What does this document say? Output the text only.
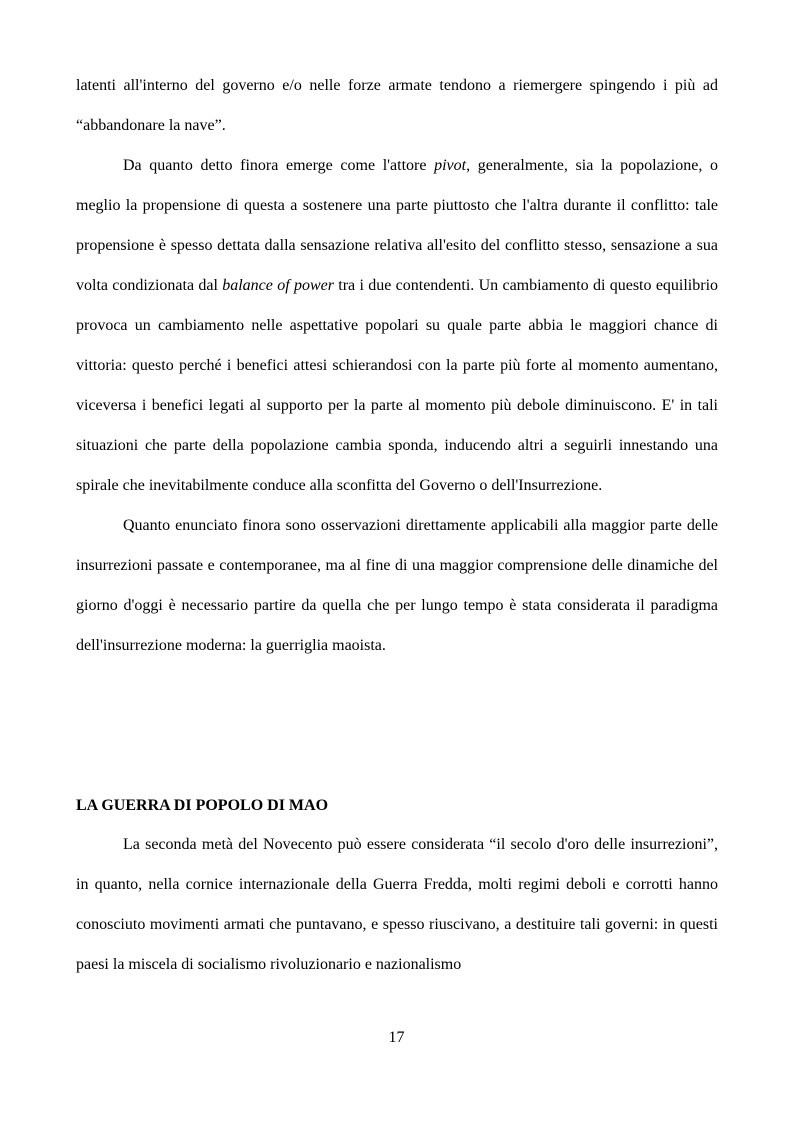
latenti all'interno del governo e/o nelle forze armate tendono a riemergere spingendo i più ad “abbandonare la nave”.

Da quanto detto finora emerge come l'attore pivot, generalmente, sia la popolazione, o meglio la propensione di questa a sostenere una parte piuttosto che l'altra durante il conflitto: tale propensione è spesso dettata dalla sensazione relativa all'esito del conflitto stesso, sensazione a sua volta condizionata dal balance of power tra i due contendenti. Un cambiamento di questo equilibrio provoca un cambiamento nelle aspettative popolari su quale parte abbia le maggiori chance di vittoria: questo perché i benefici attesi schierandosi con la parte più forte al momento aumentano, viceversa i benefici legati al supporto per la parte al momento più debole diminuiscono. E' in tali situazioni che parte della popolazione cambia sponda, inducendo altri a seguirli innestando una spirale che inevitabilmente conduce alla sconfitta del Governo o dell'Insurrezione.

Quanto enunciato finora sono osservazioni direttamente applicabili alla maggior parte delle insurrezioni passate e contemporanee, ma al fine di una maggior comprensione delle dinamiche del giorno d'oggi è necessario partire da quella che per lungo tempo è stata considerata il paradigma dell'insurrezione moderna: la guerriglia maoista.

LA GUERRA DI POPOLO DI MAO

La seconda metà del Novecento può essere considerata “il secolo d'oro delle insurrezioni”, in quanto, nella cornice internazionale della Guerra Fredda, molti regimi deboli e corrotti hanno conosciuto movimenti armati che puntavano, e spesso riuscivano, a destituire tali governi: in questi paesi la miscela di socialismo rivoluzionario e nazionalismo

17
